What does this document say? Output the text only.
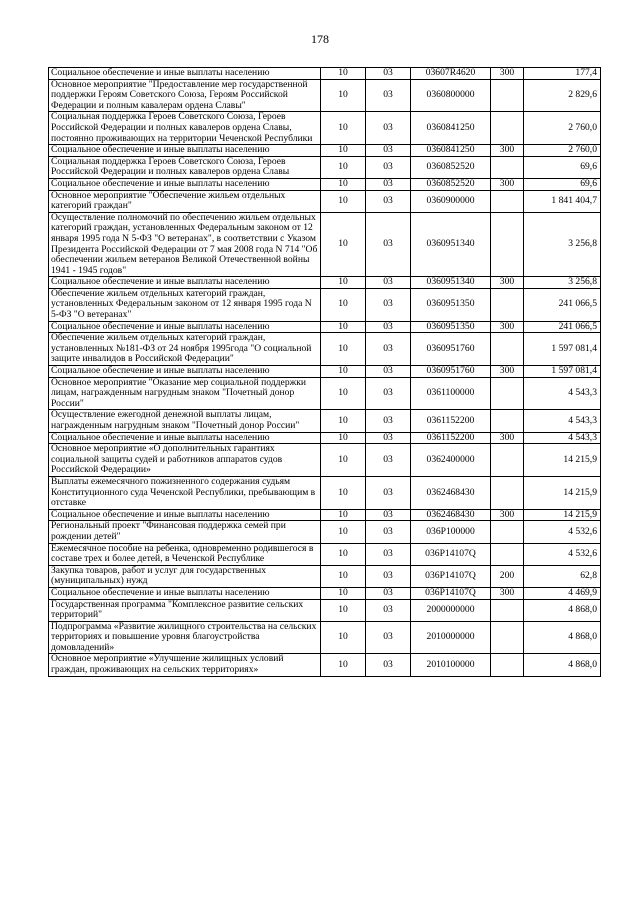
178
Социальное обеспечение и иные выплаты населению	10	03	03607R4620	300	177,4
Основное мероприятие "Предоставление мер государственной поддержки Героям Советского Союза, Героям Российской Федерации и полным кавалерам ордена Славы"	10	03	0360800000		2 829,6
Социальная поддержка Героев Советского Союза, Героев Российской Федерации и полных кавалеров ордена Славы, постоянно проживающих на территории Чеченской Республики	10	03	0360841250		2 760,0
Социальное обеспечение и иные выплаты населению	10	03	0360841250	300	2 760,0
Социальная поддержка Героев Советского Союза, Героев Российской Федерации и полных кавалеров ордена Славы	10	03	0360852520		69,6
Социальное обеспечение и иные выплаты населению	10	03	0360852520	300	69,6
Основное мероприятие "Обеспечение жильем отдельных категорий граждан"	10	03	0360900000		1 841 404,7
Осуществление полномочий по обеспечению жильем отдельных категорий граждан, установленных Федеральным законом от 12 января 1995 года N 5-ФЗ "О ветеранах", в соответствии с Указом Президента Российской Федерации от 7 мая 2008 года N 714 "Об обеспечении жильем ветеранов Великой Отечественной войны 1941 - 1945 годов"	10	03	0360951340		3 256,8
Социальное обеспечение и иные выплаты населению	10	03	0360951340	300	3 256,8
Обеспечение жильем отдельных категорий граждан, установленных Федеральным законом от 12 января 1995 года N 5-ФЗ "О ветеранах"	10	03	0360951350		241 066,5
Социальное обеспечение и иные выплаты населению	10	03	0360951350	300	241 066,5
Обеспечение жильем отдельных категорий граждан, установленных №181-ФЗ от 24 ноября 1995года "О социальной защите инвалидов в Российской Федерации"	10	03	0360951760		1 597 081,4
Социальное обеспечение и иные выплаты населению	10	03	0360951760	300	1 597 081,4
Основное мероприятие "Оказание мер социальной поддержки лицам, награжденным нагрудным знаком "Почетный донор России"	10	03	0361100000		4 543,3
Осуществление ежегодной денежной выплаты лицам, награжденным нагрудным знаком "Почетный донор России"	10	03	0361152200		4 543,3
Социальное обеспечение и иные выплаты населению	10	03	0361152200	300	4 543,3
Основное мероприятие «О дополнительных гарантиях социальной защиты судей и работников аппаратов судов Российской Федерации»	10	03	0362400000		14 215,9
Выплаты ежемесячного пожизненного содержания судьям Конституционного суда Чеченской Республики, пребывающим в отставке	10	03	0362468430		14 215,9
Социальное обеспечение и иные выплаты населению	10	03	0362468430	300	14 215,9
Региональный проект "Финансовая поддержка семей при рождении детей"	10	03	036P100000		4 532,6
Ежемесячное пособие на ребенка, одновременно родившегося в составе трех и более детей, в Чеченской Республике	10	03	036P14107Q		4 532,6
Закупка товаров, работ и услуг для государственных (муниципальных) нужд	10	03	036P14107Q	200	62,8
Социальное обеспечение и иные выплаты населению	10	03	036P14107Q	300	4 469,9
Государственная программа "Комплексное развитие сельских территорий"	10	03	2000000000		4 868,0
Подпрограмма «Развитие жилищного строительства на сельских территориях и повышение уровня благоустройства домовладений»	10	03	2010000000		4 868,0
Основное мероприятие «Улучшение жилищных условий граждан, проживающих на сельских территориях»	10	03	2010100000		4 868,0
